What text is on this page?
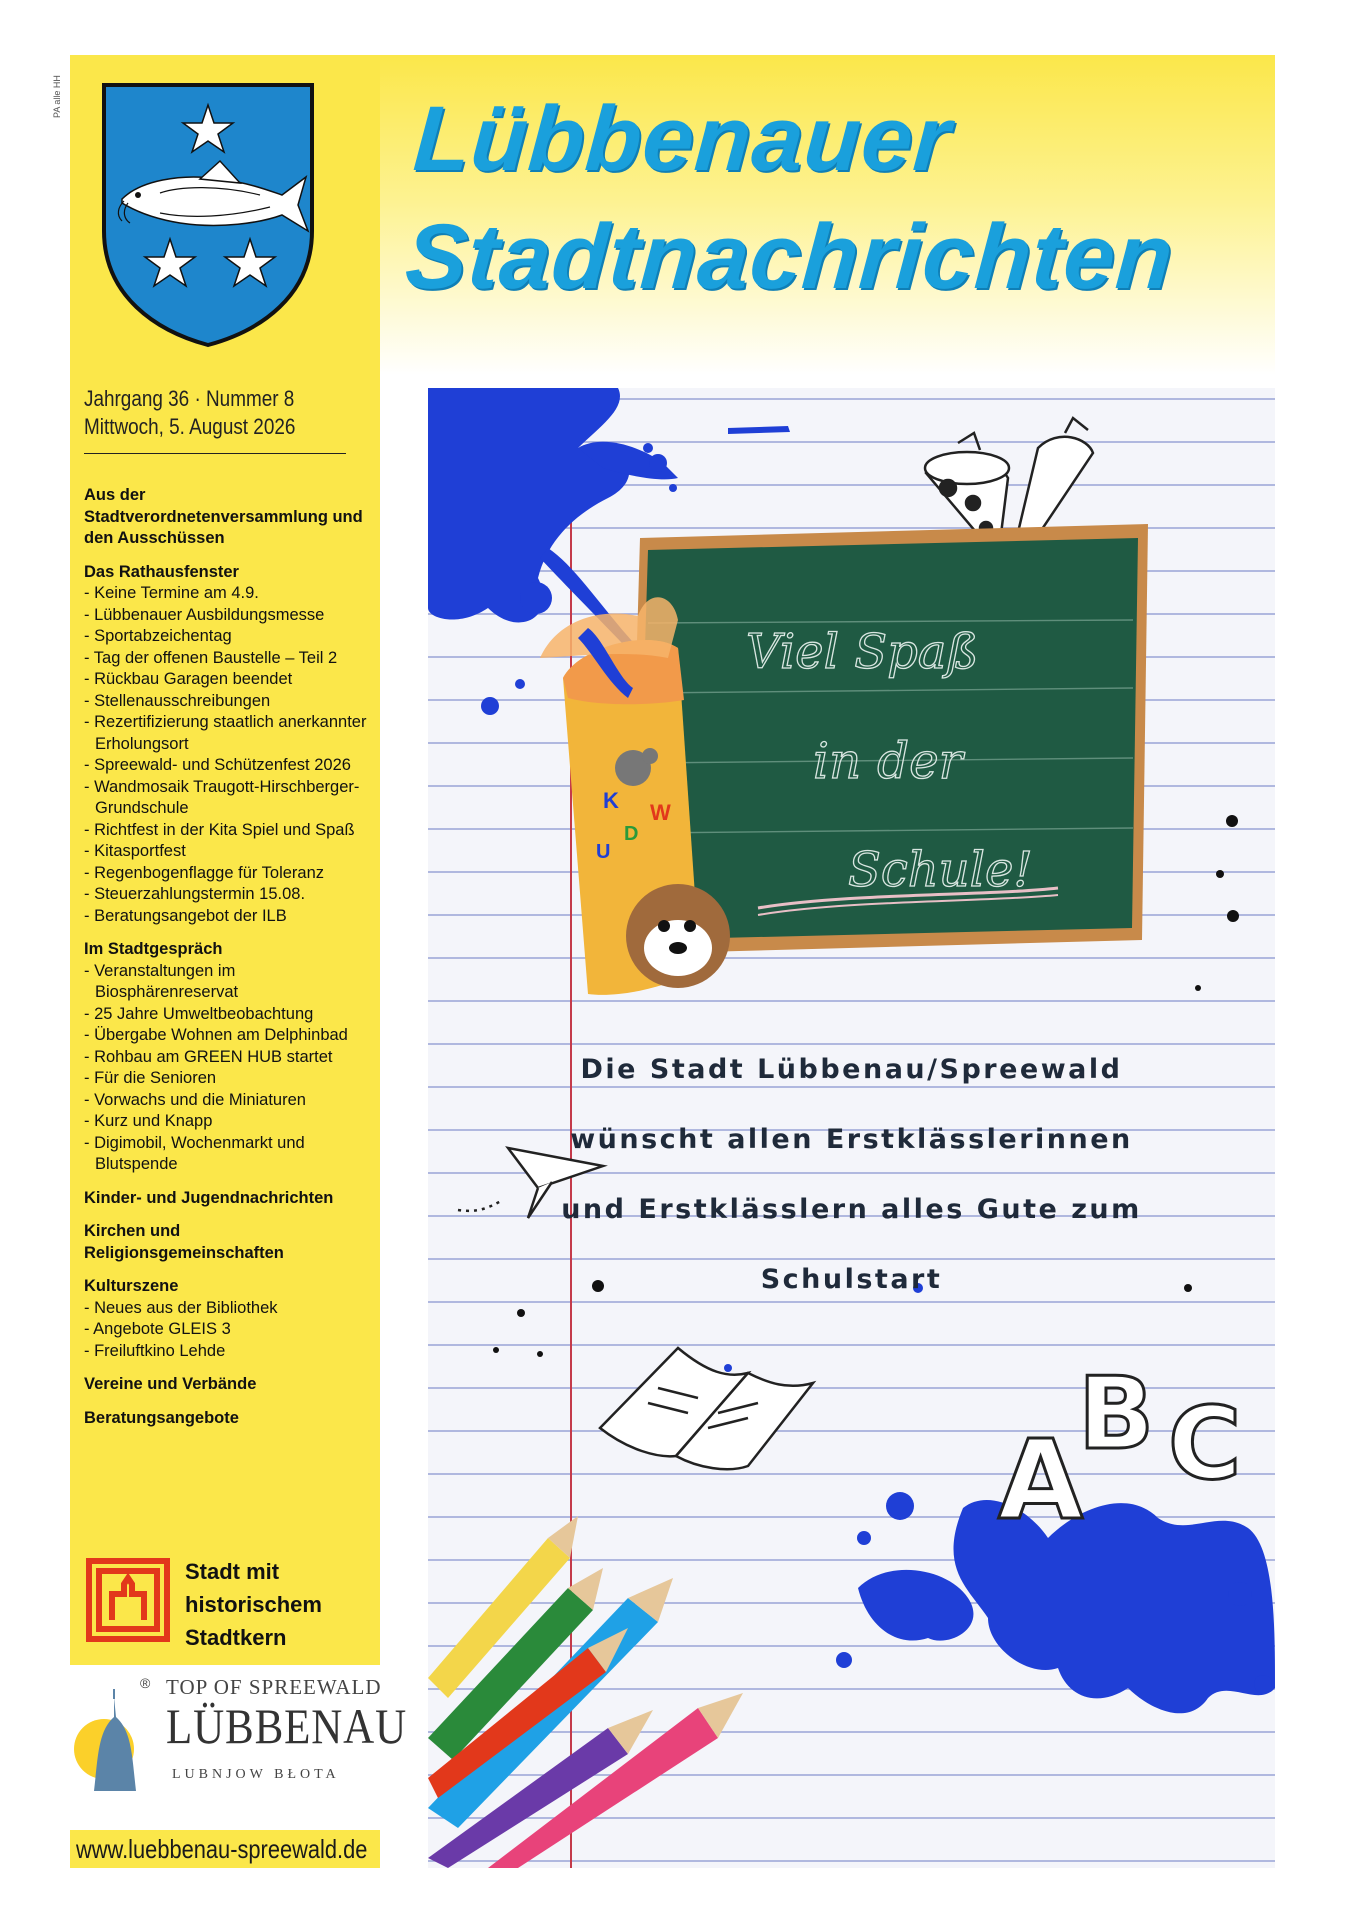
PA alle HH
Jahrgang 36 · Nummer 8
Mittwoch, 5. August 2026
Aus der Stadtverordnetenversammlung und den Ausschüssen
Das Rathausfenster
- Keine Termine am 4.9.
- Lübbenauer Ausbildungsmesse
- Sportabzeichentag
- Tag der offenen Baustelle – Teil 2
- Rückbau Garagen beendet
- Stellenausschreibungen
- Rezertifizierung staatlich anerkannter Erholungsort
- Spreewald- und Schützenfest 2026
- Wandmosaik Traugott-Hirschberger-Grundschule
- Richtfest in der Kita Spiel und Spaß
- Kitasportfest
- Regenbogenflagge für Toleranz
- Steuerzahlungstermin 15.08.
- Beratungsangebot der ILB
Im Stadtgespräch
- Veranstaltungen im Biosphärenreservat
- 25 Jahre Umweltbeobachtung
- Übergabe Wohnen am Delphinbad
- Rohbau am GREEN HUB startet
- Für die Senioren
- Vorwachs und die Miniaturen
- Kurz und Knapp
- Digimobil, Wochenmarkt und Blutspende
Kinder- und Jugendnachrichten
Kirchen und Religionsgemeinschaften
Kulturszene
- Neues aus der Bibliothek
- Angebote GLEIS 3
- Freiluftkino Lehde
Vereine und Verbände
Beratungsangebote
Stadt mit
historischem
Stadtkern
TOP OF SPREEWALD
®
LÜBBENAU
LUBNJOW BŁOTA
www.luebbenau-spreewald.de
Lübbenauer
Stadtnachrichten
Viel Spaß
in der
Schule!
K W
D
U
A
B C
Die Stadt Lübbenau/Spreewald
wünscht allen Erstklässlerinnen
und Erstklässlern alles Gute zum
Schulstart
